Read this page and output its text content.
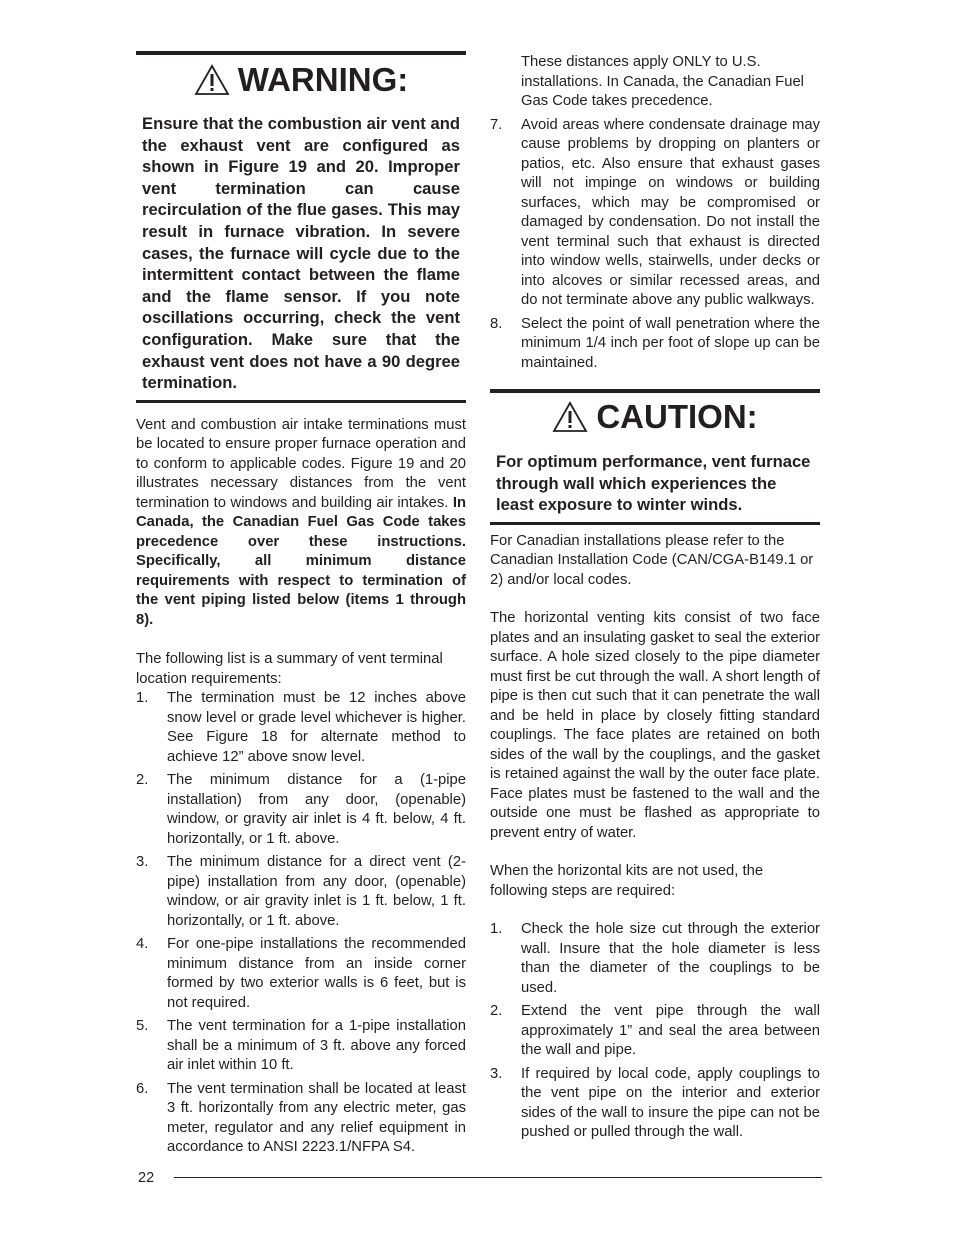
WARNING:
Ensure that the combustion air vent and the exhaust vent are configured as shown in Figure 19 and 20. Improper vent termination can cause recirculation of the flue gases. This may result in furnace vibration. In severe cases, the furnace will cycle due to the intermittent contact between the flame and the flame sensor. If you note oscillations occurring, check the vent configuration. Make sure that the exhaust vent does not have a 90 degree termination.

Vent and combustion air intake terminations must be located to ensure proper furnace operation and to conform to applicable codes. Figure 19 and 20 illustrates necessary distances from the vent termination to windows and building air intakes. In Canada, the Canadian Fuel Gas Code takes precedence over these instructions. Specifically, all minimum distance requirements with respect to termination of the vent piping listed below (items 1 through 8).

The following list is a summary of vent terminal location requirements:

1. The termination must be 12 inches above snow level or grade level whichever is higher. See Figure 18 for alternate method to achieve 12” above snow level.
2. The minimum distance for a (1-pipe installation) from any door, (openable) window, or gravity air inlet is 4 ft. below, 4 ft. horizontally, or 1 ft. above.
3. The minimum distance for a direct vent (2-pipe) installation from any door, (openable) window, or air gravity inlet is 1 ft. below, 1 ft. horizontally, or 1 ft. above.
4. For one-pipe installations the recommended minimum distance from an inside corner formed by two exterior walls is 6 feet, but is not required.
5. The vent termination for a 1-pipe installation shall be a minimum of 3 ft. above any forced air inlet within 10 ft.
6. The vent termination shall be located at least 3 ft. horizontally from any electric meter, gas meter, regulator and any relief equipment in accordance to ANSI 2223.1/NFPA S4.

These distances apply ONLY to U.S. installations. In Canada, the Canadian Fuel Gas Code takes precedence.

7. Avoid areas where condensate drainage may cause problems by dropping on planters or patios, etc. Also ensure that exhaust gases will not impinge on windows or building surfaces, which may be compromised or damaged by condensation. Do not install the vent terminal such that exhaust is directed into window wells, stairwells, under decks or into alcoves or similar recessed areas, and do not terminate above any public walkways.
8. Select the point of wall penetration where the minimum 1/4 inch per foot of slope up can be maintained.
CAUTION:
For optimum performance, vent furnace through wall which experiences the least exposure to winter winds.

For Canadian installations please refer to the Canadian Installation Code (CAN/CGA-B149.1 or 2) and/or local codes.

The horizontal venting kits consist of two face plates and an insulating gasket to seal the exterior surface. A hole sized closely to the pipe diameter must first be cut through the wall. A short length of pipe is then cut such that it can penetrate the wall and be held in place by closely fitting standard couplings. The face plates are retained on both sides of the wall by the couplings, and the gasket is retained against the wall by the outer face plate. Face plates must be fastened to the wall and the outside one must be flashed as appropriate to prevent entry of water.

When the horizontal kits are not used, the following steps are required:

1. Check the hole size cut through the exterior wall. Insure that the hole diameter is less than the diameter of the couplings to be used.
2. Extend the vent pipe through the wall approximately 1” and seal the area between the wall and pipe.
3. If required by local code, apply couplings to the vent pipe on the interior and exterior sides of the wall to insure the pipe can not be pushed or pulled through the wall.
22
